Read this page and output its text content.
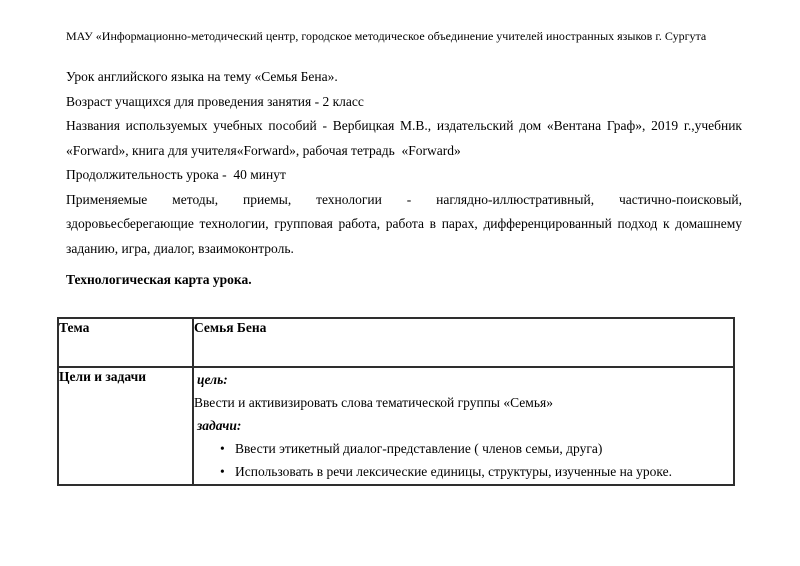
МАУ «Информационно-методический центр, городское методическое объединение учителей иностранных языков г. Сургута
Урок английского языка на тему «Семья Бена».
Возраст учащихся для проведения занятия - 2 класс
Названия используемых учебных пособий - Вербицкая М.В., издательский дом «Вентана Граф», 2019 г.,учебник
«Forward», книга для учителя«Forward», рабочая тетрадь  «Forward»
Продолжительность урока -  40 минут
Применяемые методы, приемы, технологии - наглядно-иллюстративный, частично-поисковый,
здоровьесберегающие технологии, групповая работа, работа в парах, дифференцированный подход к домашнему
заданию, игра, диалог, взаимоконтроль.
Технологическая карта урока.
Тема	Семья Бена
Цели и задачи	цель:
Ввести и активизировать слова тематической группы «Семья»
задачи:
• Ввести этикетный диалог-представление ( членов семьи, друга)
• Использовать в речи лексические единицы, структуры, изученные на уроке.
